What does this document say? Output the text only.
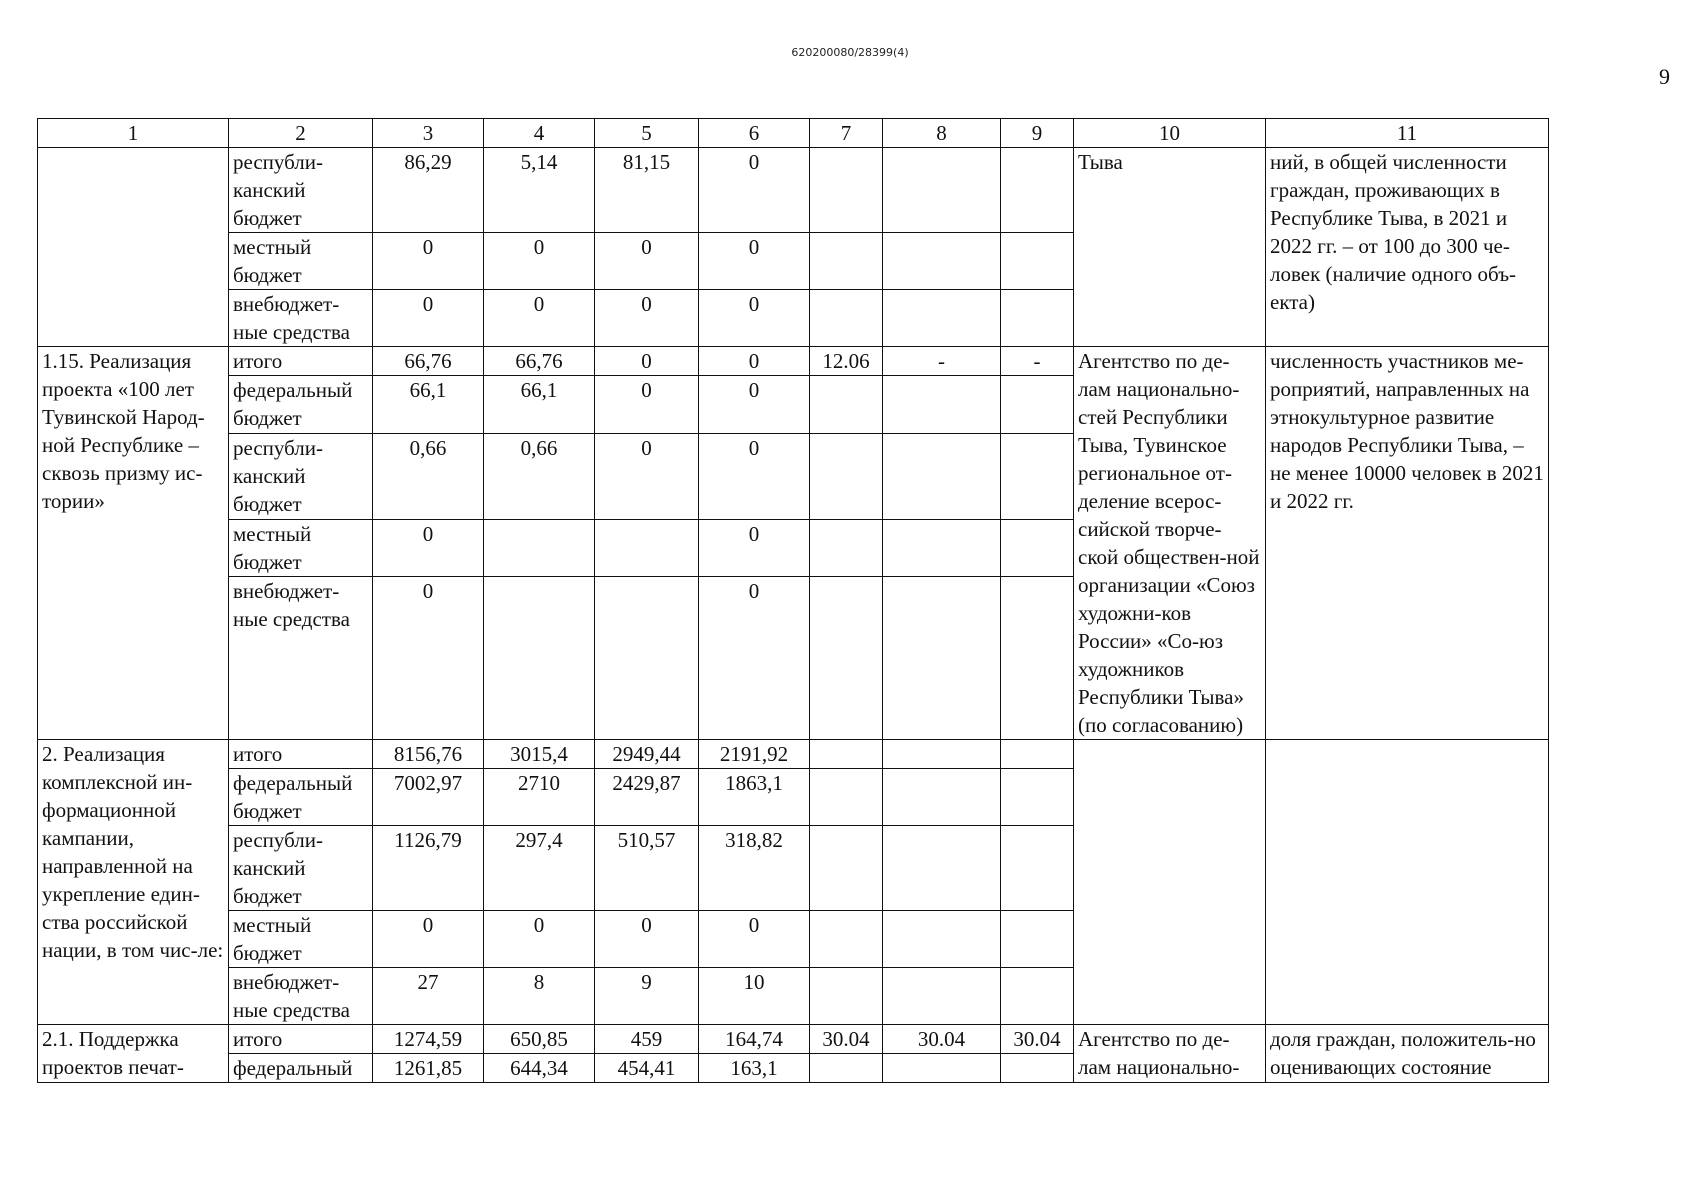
620200080/28399(4)
9
1	2	3	4	5	6	7	8	9	10	11
	республи-канский бюджет	86,29	5,14	81,15	0				Тыва	ний, в общей численности граждан, проживающих в Республике Тыва, в 2021 и 2022 гг. – от 100 до 300 че-ловек (наличие одного объ-екта)
	местный бюджет	0	0	0	0					
	внебюджет-ные средства	0	0	0	0					
1.15. Реализация проекта «100 лет Тувинской Народ-ной Республике – сквозь призму ис-тории»	итого	66,76	66,76	0	0	12.06	-	-	Агентство по де-лам национально-стей Республики Тыва, Тувинское региональное от-деление всерос-сийской творче-ской обществен-ной организации «Союз художни-ков России» «Со-юз художников Республики Тыва» (по согласованию)	численность участников ме-роприятий, направленных на этнокультурное развитие народов Республики Тыва, – не менее 10000 человек в 2021 и 2022 гг.
	федеральный бюджет	66,1	66,1	0	0					
	республи-канский бюджет	0,66	0,66	0	0					
	местный бюджет	0			0					
	внебюджет-ные средства	0			0					
2. Реализация комплексной ин-формационной кампании, направленной на укрепление един-ства российской нации, в том чис-ле:	итого	8156,76	3015,4	2949,44	2191,92					
	федеральный бюджет	7002,97	2710	2429,87	1863,1					
	республи-канский бюджет	1126,79	297,4	510,57	318,82					
	местный бюджет	0	0	0	0					
	внебюджет-ные средства	27	8	9	10					
2.1. Поддержка проектов печат-	итого	1274,59	650,85	459	164,74	30.04	30.04	30.04	Агентство по де-лам национально-	доля граждан, положитель-но оценивающих состояние
	федеральный	1261,85	644,34	454,41	163,1					
